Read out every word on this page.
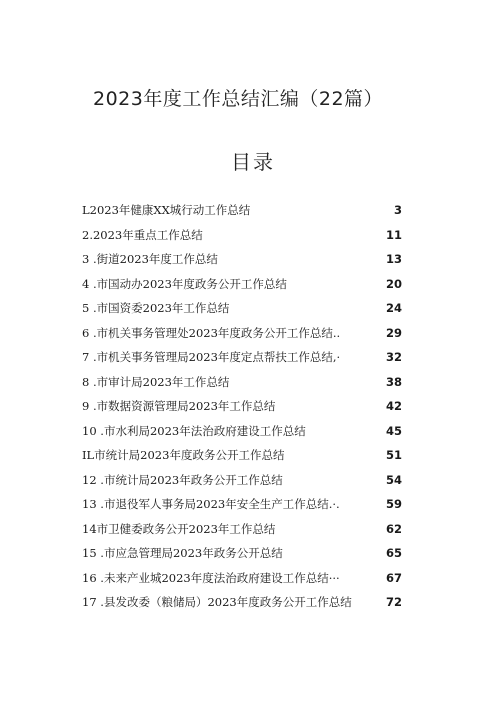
2023年度工作总结汇编（22篇）
目录
L2023年健康XX城行动工作总结	3
2.2023年重点工作总结	11
3 .街道2023年度工作总结	13
4 .市国动办2023年度政务公开工作总结	20
5 .市国资委2023年工作总结	24
6 .市机关事务管理处2023年度政务公开工作总结..	29
7 .市机关事务管理局2023年度定点帮扶工作总结,·	32
8 .市审计局2023年工作总结	38
9 .市数据资源管理局2023年工作总结	42
10 .市水利局2023年法治政府建设工作总结	45
IL市统计局2023年度政务公开工作总结	51
12 .市统计局2023年政务公开工作总结	54
13 .市退役军人事务局2023年安全生产工作总结.·.	59
14市卫健委政务公开2023年工作总结	62
15 .市应急管理局2023年政务公开总结	65
16 .未来产业城2023年度法治政府建设工作总结···	67
17 .县发改委（粮储局）2023年度政务公开工作总结	72
